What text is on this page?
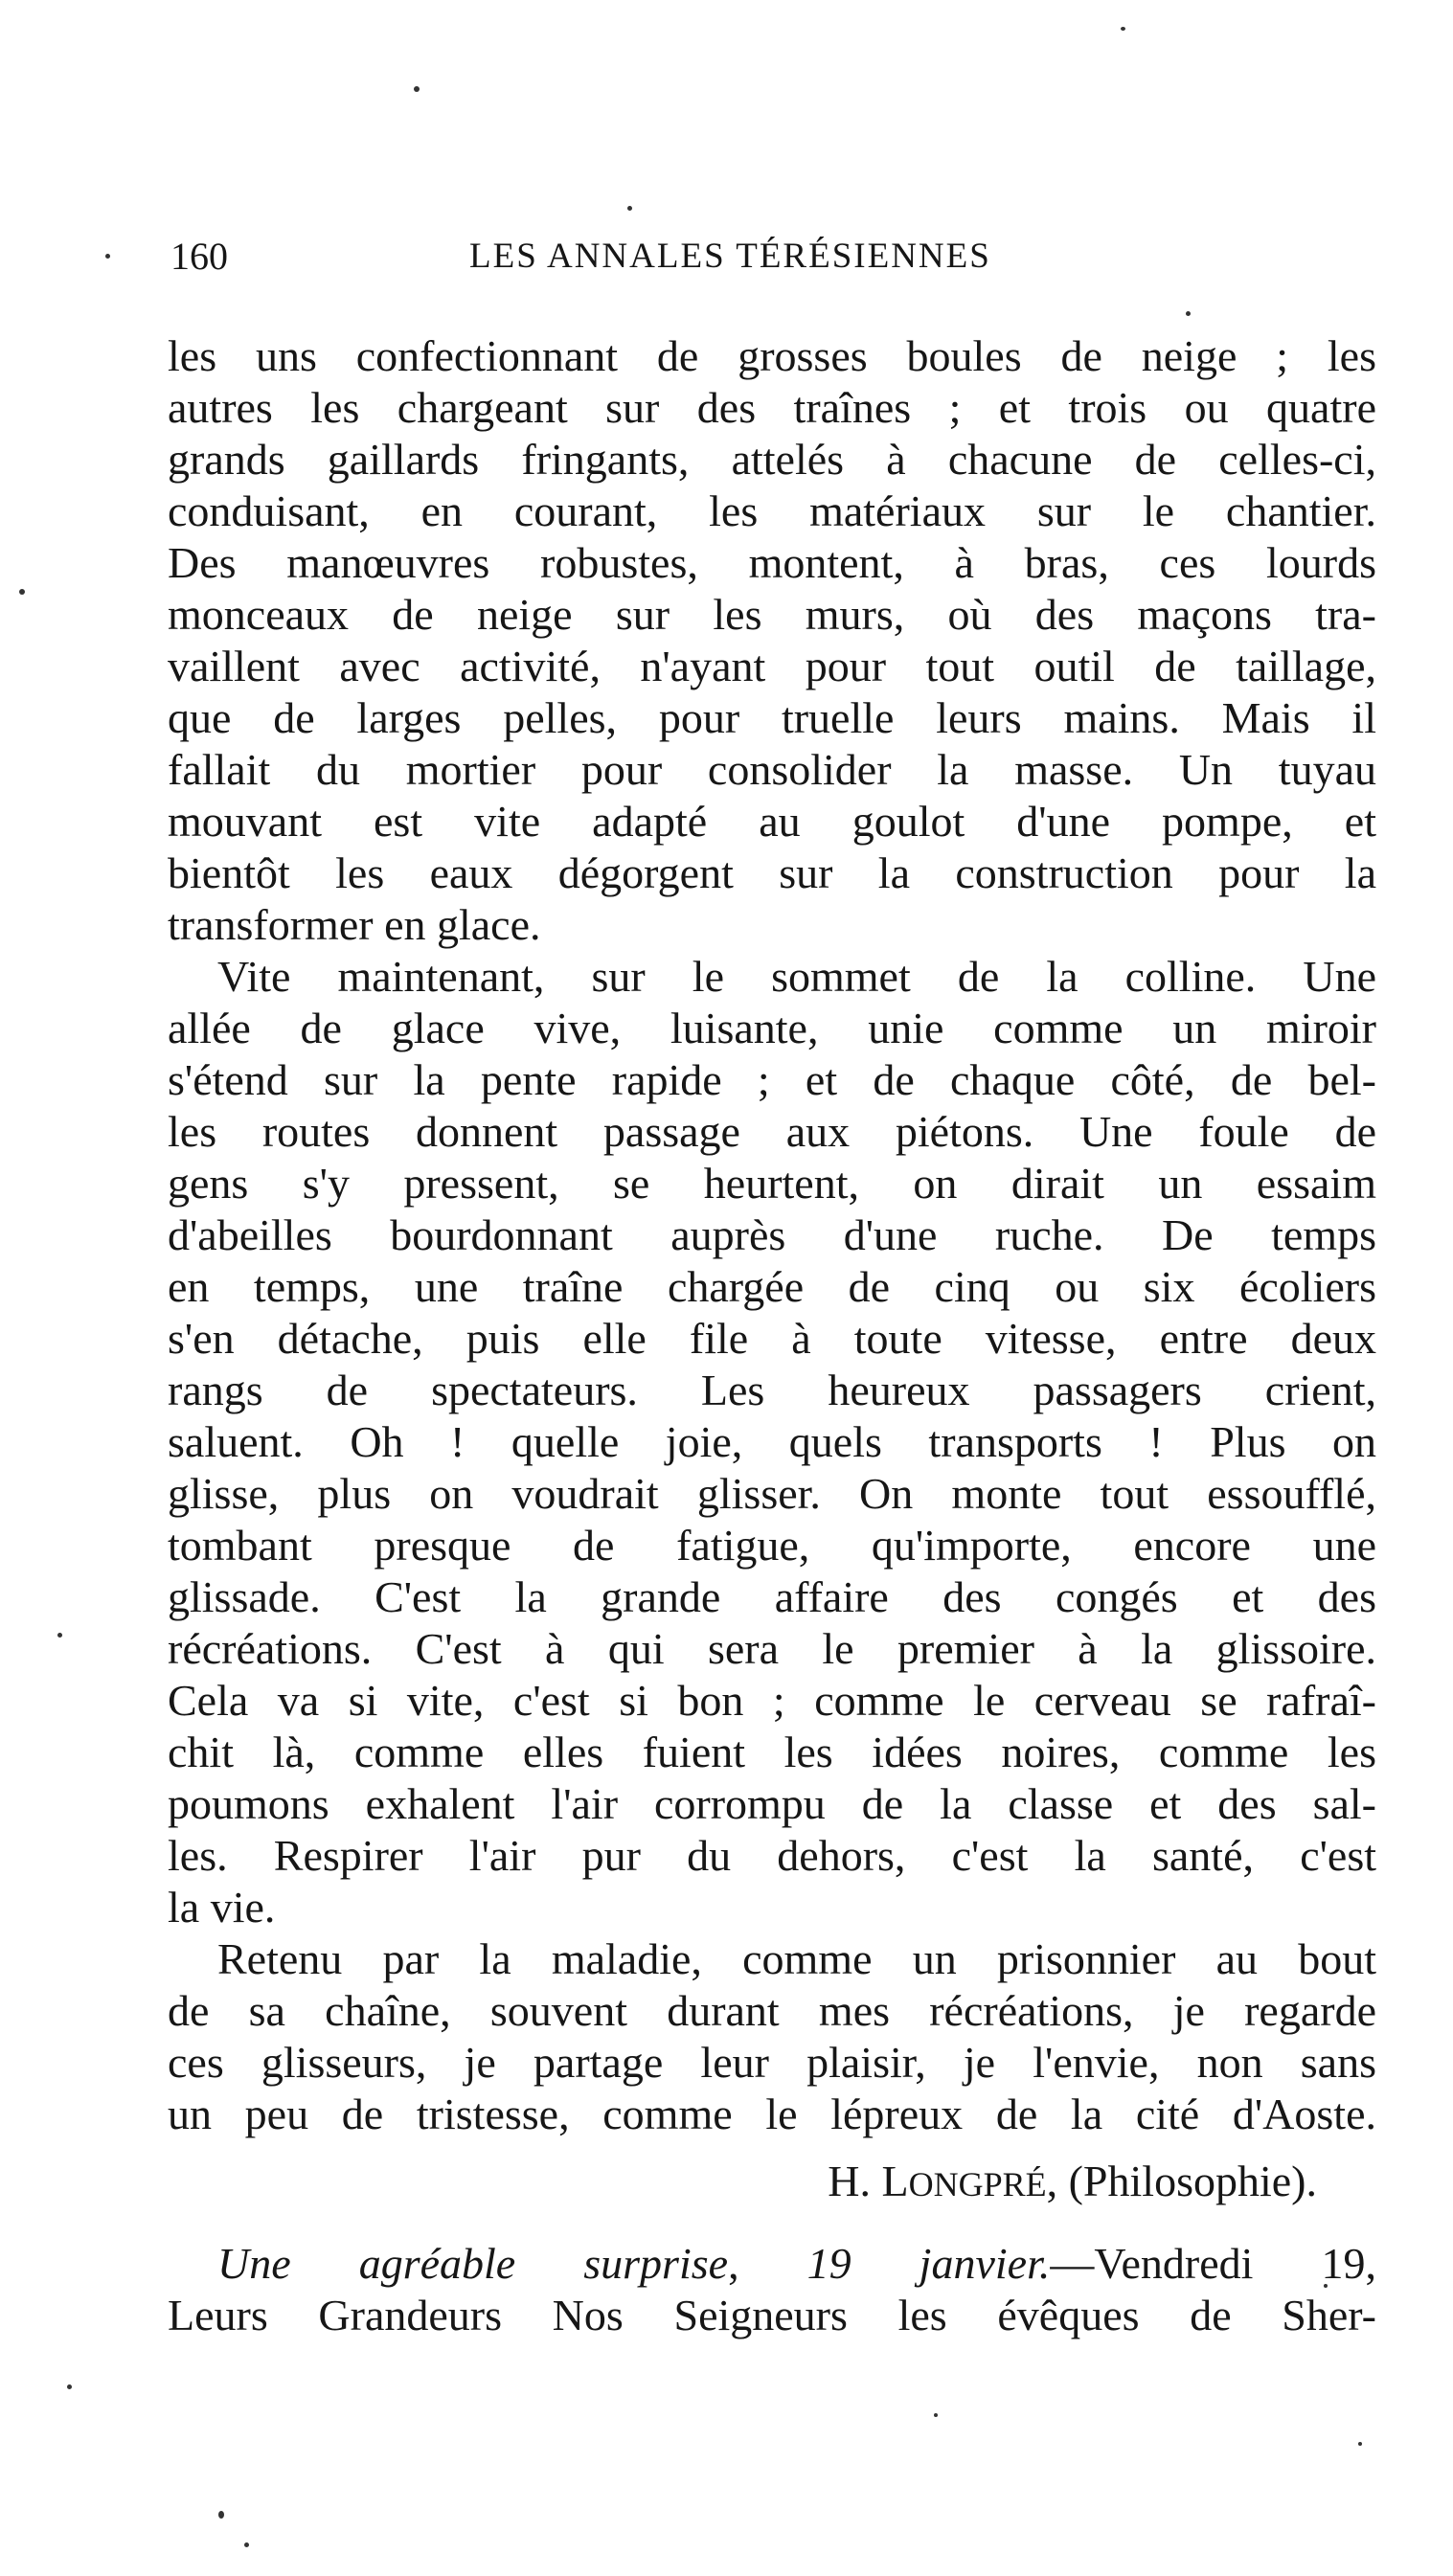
160	LES ANNALES TÉRÉSIENNES
les uns confectionnant de grosses boules de neige ; les
autres les chargeant sur des traînes ; et trois ou quatre
grands gaillards fringants, attelés à chacune de celles-ci,
conduisant, en courant, les matériaux sur le chantier.
Des manœuvres robustes, montent, à bras, ces lourds
monceaux de neige sur les murs, où des maçons tra-
vaillent avec activité, n'ayant pour tout outil de taillage,
que de larges pelles, pour truelle leurs mains. Mais il
fallait du mortier pour consolider la masse. Un tuyau
mouvant est vite adapté au goulot d'une pompe, et
bientôt les eaux dégorgent sur la construction pour la
transformer en glace.
Vite maintenant, sur le sommet de la colline. Une
allée de glace vive, luisante, unie comme un miroir
s'étend sur la pente rapide ; et de chaque côté, de bel-
les routes donnent passage aux piétons. Une foule de
gens s'y pressent, se heurtent, on dirait un essaim
d'abeilles bourdonnant auprès d'une ruche. De temps
en temps, une traîne chargée de cinq ou six écoliers
s'en détache, puis elle file à toute vitesse, entre deux
rangs de spectateurs. Les heureux passagers crient,
saluent. Oh ! quelle joie, quels transports ! Plus on
glisse, plus on voudrait glisser. On monte tout essoufflé,
tombant presque de fatigue, qu'importe, encore une
glissade. C'est la grande affaire des congés et des
récréations. C'est à qui sera le premier à la glissoire.
Cela va si vite, c'est si bon ; comme le cerveau se rafraî-
chit là, comme elles fuient les idées noires, comme les
poumons exhalent l'air corrompu de la classe et des sal-
les. Respirer l'air pur du dehors, c'est la santé, c'est
la vie.
Retenu par la maladie, comme un prisonnier au bout
de sa chaîne, souvent durant mes récréations, je regarde
ces glisseurs, je partage leur plaisir, je l'envie, non sans
un peu de tristesse, comme le lépreux de la cité d'Aoste.
H. LONGPRÉ, (Philosophie).
Une agréable surprise, 19 janvier.—Vendredi 19,
Leurs Grandeurs Nos Seigneurs les évêques de Sher-
